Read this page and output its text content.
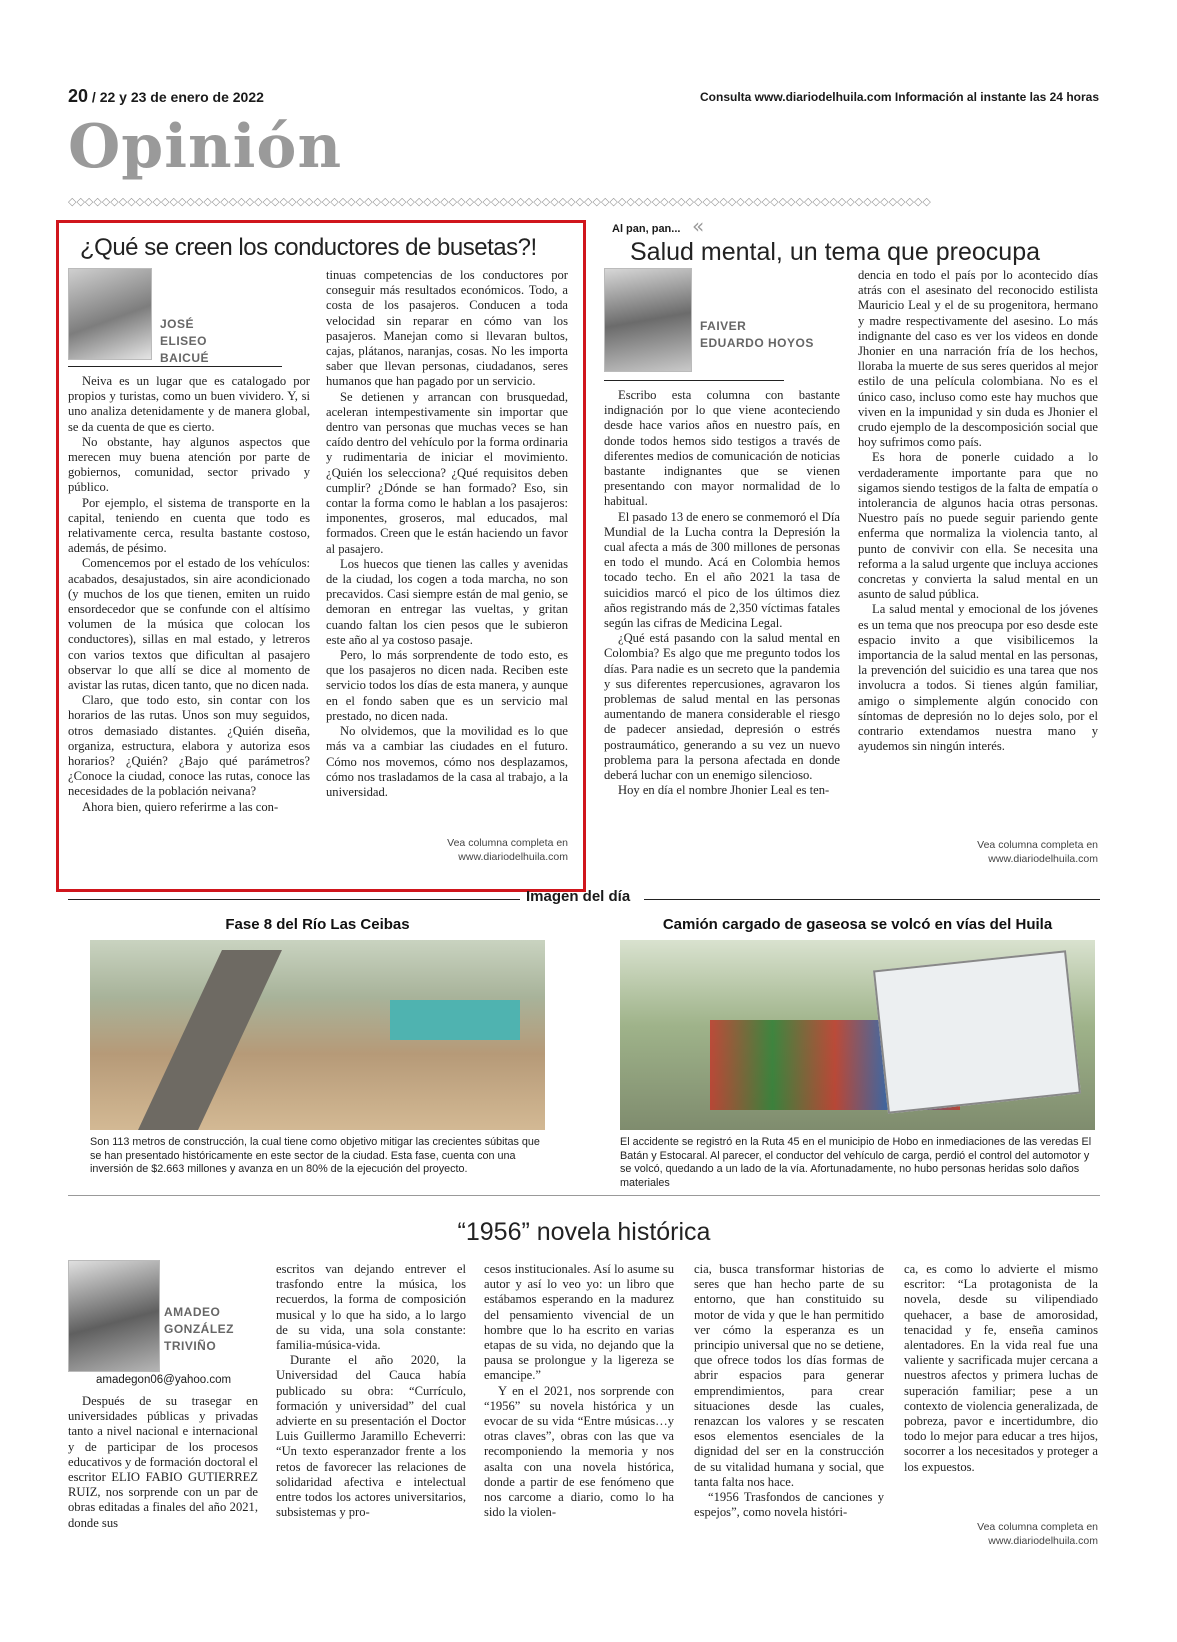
20 / 22 y 23 de enero de 2022	Consulta www.diariodelhuila.com Información al instante las 24 horas
Opinión
◇◇◇◇◇◇◇◇◇◇◇◇◇◇◇◇◇◇◇◇◇◇◇◇◇◇◇◇◇◇◇◇◇◇◇◇◇◇◇◇◇◇◇◇◇◇◇◇◇◇◇◇◇◇◇◇◇◇◇◇◇◇◇◇◇◇◇◇◇◇◇◇◇◇◇◇◇◇◇◇◇◇◇◇◇◇◇◇◇◇◇◇◇◇◇◇◇◇◇◇◇◇
¿Qué se creen los conductores de busetas?!
JOSÉ
ELISEO
BAICUÉ

Neiva es un lugar que es catalogado por propios y turistas, como un buen vividero. Y, si uno analiza detenidamente y de manera global, se da cuenta de que es cierto.

No obstante, hay algunos aspectos que merecen muy buena atención por parte de gobiernos, comunidad, sector privado y público.

Por ejemplo, el sistema de transporte en la capital, teniendo en cuenta que todo es relativamente cerca, resulta bastante costoso, además, de pésimo.

Comencemos por el estado de los vehículos: acabados, desajustados, sin aire acondicionado (y muchos de los que tienen, emiten un ruido ensordecedor que se confunde con el altísimo volumen de la música que colocan los conductores), sillas en mal estado, y letreros con varios textos que dificultan al pasajero observar lo que allí se dice al momento de avistar las rutas, dicen tanto, que no dicen nada.

Claro, que todo esto, sin contar con los horarios de las rutas. Unos son muy seguidos, otros demasiado distantes. ¿Quién diseña, organiza, estructura, elabora y autoriza esos horarios? ¿Quién? ¿Bajo qué parámetros? ¿Conoce la ciudad, conoce las rutas, conoce las necesidades de la población neivana?

Ahora bien, quiero referirme a las con-

tinuas competencias de los conductores por conseguir más resultados económicos. Todo, a costa de los pasajeros. Conducen a toda velocidad sin reparar en cómo van los pasajeros. Manejan como si llevaran bultos, cajas, plátanos, naranjas, cosas. No les importa saber que llevan personas, ciudadanos, seres humanos que han pagado por un servicio.

Se detienen y arrancan con brusquedad, aceleran intempestivamente sin importar que dentro van personas que muchas veces se han caído dentro del vehículo por la forma ordinaria y rudimentaria de iniciar el movimiento. ¿Quién los selecciona? ¿Qué requisitos deben cumplir? ¿Dónde se han formado? Eso, sin contar la forma como le hablan a los pasajeros: imponentes, groseros, mal educados, mal formados. Creen que le están haciendo un favor al pasajero.

Los huecos que tienen las calles y avenidas de la ciudad, los cogen a toda marcha, no son precavidos. Casi siempre están de mal genio, se demoran en entregar las vueltas, y gritan cuando faltan los cien pesos que le subieron este año al ya costoso pasaje.

Pero, lo más sorprendente de todo esto, es que los pasajeros no dicen nada. Reciben este servicio todos los días de esta manera, y aunque en el fondo saben que es un servicio mal prestado, no dicen nada.

No olvidemos, que la movilidad es lo que más va a cambiar las ciudades en el futuro. Cómo nos movemos, cómo nos desplazamos, cómo nos trasladamos de la casa al trabajo, a la universidad.

Vea columna completa en
www.diariodelhuila.com
Al pan, pan... «
Salud mental, un tema que preocupa
FAIVER
EDUARDO HOYOS

Escribo esta columna con bastante indignación por lo que viene aconteciendo desde hace varios años en nuestro país, en donde todos hemos sido testigos a través de diferentes medios de comunicación de noticias bastante indignantes que se vienen presentando con mayor normalidad de lo habitual.

El pasado 13 de enero se conmemoró el Día Mundial de la Lucha contra la Depresión la cual afecta a más de 300 millones de personas en todo el mundo. Acá en Colombia hemos tocado techo. En el año 2021 la tasa de suicidios marcó el pico de los últimos diez años registrando más de 2,350 víctimas fatales según las cifras de Medicina Legal.

¿Qué está pasando con la salud mental en Colombia? Es algo que me pregunto todos los días. Para nadie es un secreto que la pandemia y sus diferentes repercusiones, agravaron los problemas de salud mental en las personas aumentando de manera considerable el riesgo de padecer ansiedad, depresión o estrés postraumático, generando a su vez un nuevo problema para la persona afectada en donde deberá luchar con un enemigo silencioso.

Hoy en día el nombre Jhonier Leal es ten-

dencia en todo el país por lo acontecido días atrás con el asesinato del reconocido estilista Mauricio Leal y el de su progenitora, hermano y madre respectivamente del asesino. Lo más indignante del caso es ver los videos en donde Jhonier en una narración fría de los hechos, lloraba la muerte de sus seres queridos al mejor estilo de una película colombiana. No es el único caso, incluso como este hay muchos que viven en la impunidad y sin duda es Jhonier el crudo ejemplo de la descomposición social que hoy sufrimos como país.

Es hora de ponerle cuidado a lo verdaderamente importante para que no sigamos siendo testigos de la falta de empatía o intolerancia de algunos hacia otras personas. Nuestro país no puede seguir pariendo gente enferma que normaliza la violencia tanto, al punto de convivir con ella. Se necesita una reforma a la salud urgente que incluya acciones concretas y convierta la salud mental en un asunto de salud pública.

La salud mental y emocional de los jóvenes es un tema que nos preocupa por eso desde este espacio invito a que visibilicemos la importancia de la salud mental en las personas, la prevención del suicidio es una tarea que nos involucra a todos. Si tienes algún familiar, amigo o simplemente algún conocido con síntomas de depresión no lo dejes solo, por el contrario extendamos nuestra mano y ayudemos sin ningún interés.

Vea columna completa en
www.diariodelhuila.com
Imagen del día
Fase 8 del Río Las Ceibas
Son 113 metros de construcción, la cual tiene como objetivo mitigar las crecientes súbitas que se han presentado históricamente en este sector de la ciudad. Esta fase, cuenta con una inversión de $2.663 millones y avanza en un 80% de la ejecución del proyecto.
Camión cargado de gaseosa se volcó en vías del Huila
El accidente se registró en la Ruta 45 en el municipio de Hobo en inmediaciones de las veredas El Batán y Estocaral. Al parecer, el conductor del vehículo de carga, perdió el control del automotor y se volcó, quedando a un lado de la vía. Afortunadamente, no hubo personas heridas solo daños materiales
“1956” novela histórica
AMADEO
GONZÁLEZ
TRIVIÑO
amadegon06@yahoo.com

Después de su trasegar en universidades públicas y privadas tanto a nivel nacional e internacional y de participar de los procesos educativos y de formación doctoral el escritor ELIO FABIO GUTIERREZ RUIZ, nos sorprende con un par de obras editadas a finales del año 2021, donde sus

escritos van dejando entrever el trasfondo entre la música, los recuerdos, la forma de composición musical y lo que ha sido, a lo largo de su vida, una sola constante: familia-música-vida.

Durante el año 2020, la Universidad del Cauca había publicado su obra: “Currículo, formación y universidad” del cual advierte en su presentación el Doctor Luis Guillermo Jaramillo Echeverri: “Un texto esperanzador frente a los retos de favorecer las relaciones de solidaridad afectiva e intelectual entre todos los actores universitarios, subsistemas y pro-

cesos institucionales. Así lo asume su autor y así lo veo yo: un libro que estábamos esperando en la madurez del pensamiento vivencial de un hombre que lo ha escrito en varias etapas de su vida, no dejando que la pausa se prolongue y la ligereza se emancipe.”

Y en el 2021, nos sorprende con “1956” su novela histórica y un evocar de su vida “Entre músicas…y otras claves”, obras con las que va recomponiendo la memoria y nos asalta con una novela histórica, donde a partir de ese fenómeno que nos carcome a diario, como lo ha sido la violen-

cia, busca transformar historias de seres que han hecho parte de su entorno, que han constituido su motor de vida y que le han permitido ver cómo la esperanza es un principio universal que no se detiene, que ofrece todos los días formas de abrir espacios para generar emprendimientos, para crear situaciones desde las cuales, renazcan los valores y se rescaten esos elementos esenciales de la dignidad del ser en la construcción de su vitalidad humana y social, que tanta falta nos hace.

“1956 Trasfondos de canciones y espejos”, como novela históri-

ca, es como lo advierte el mismo escritor: “La protagonista de la novela, desde su vilipendiado quehacer, a base de amorosidad, tenacidad y fe, enseña caminos alentadores. En la vida real fue una valiente y sacrificada mujer cercana a nuestros afectos y primera luchas de superación familiar; pese a un contexto de violencia generalizada, de pobreza, pavor e incertidumbre, dio todo lo mejor para educar a tres hijos, socorrer a los necesitados y proteger a los expuestos.

Vea columna completa en
www.diariodelhuila.com
